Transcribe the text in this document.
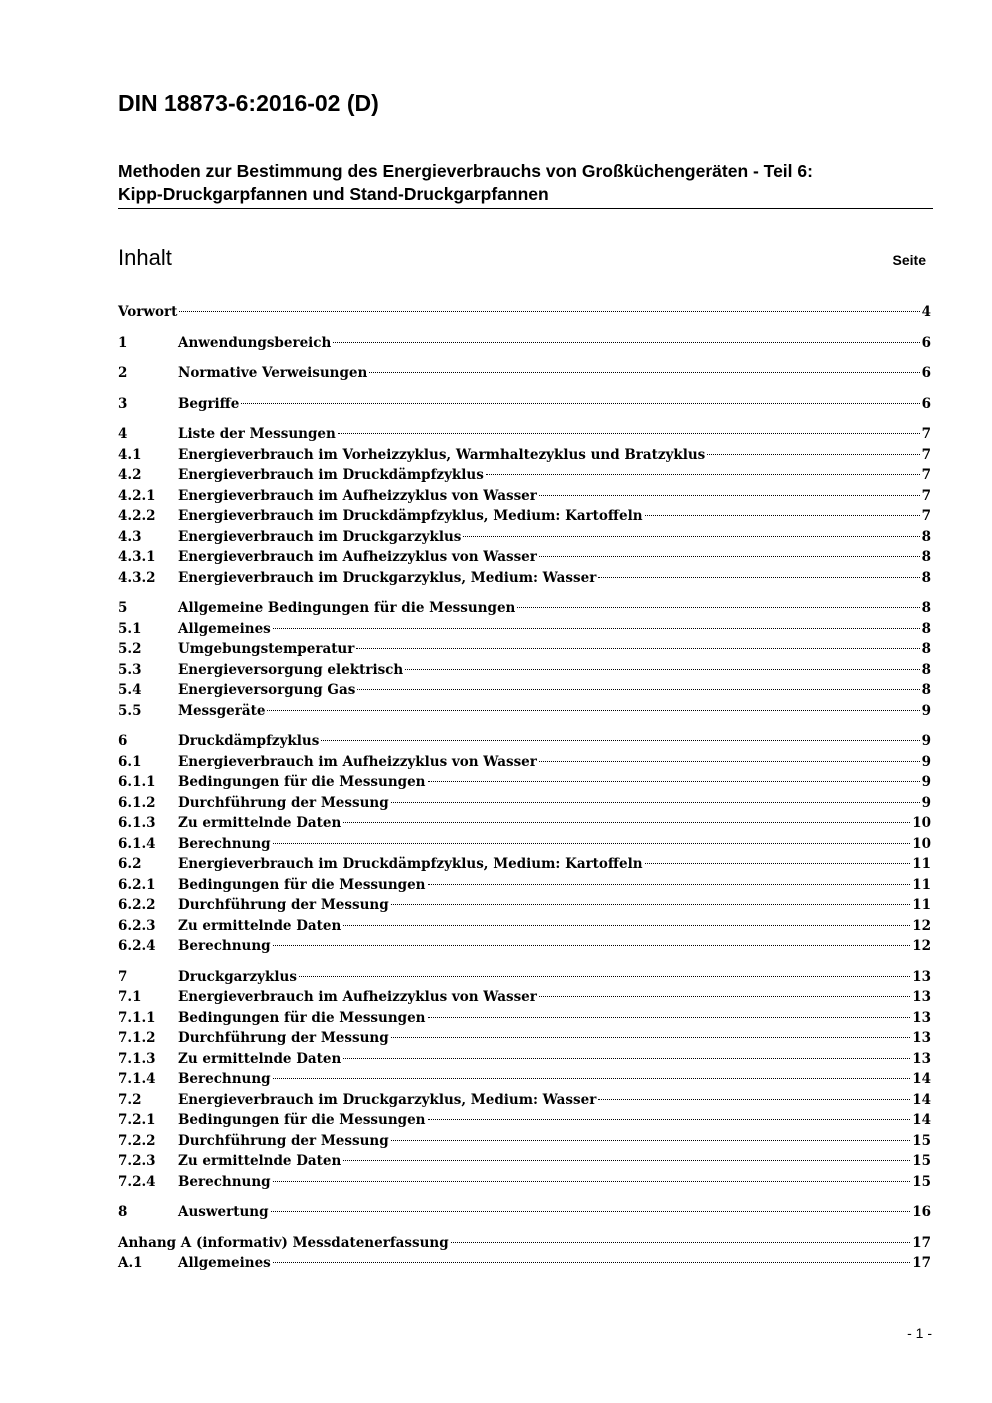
DIN 18873-6:2016-02 (D)
Methoden zur Bestimmung des Energieverbrauchs von Großküchengeräten - Teil 6:
Kipp-Druckgarpfannen und Stand-Druckgarpfannen
Inhalt	Seite
Vorwort	4
1	Anwendungsbereich	6
2	Normative Verweisungen	6
3	Begriffe	6
4	Liste der Messungen	7
4.1	Energieverbrauch im Vorheizzyklus, Warmhaltezyklus und Bratzyklus	7
4.2	Energieverbrauch im Druckdämpfzyklus	7
4.2.1	Energieverbrauch im Aufheizzyklus von Wasser	7
4.2.2	Energieverbrauch im Druckdämpfzyklus, Medium: Kartoffeln	7
4.3	Energieverbrauch im Druckgarzyklus	8
4.3.1	Energieverbrauch im Aufheizzyklus von Wasser	8
4.3.2	Energieverbrauch im Druckgarzyklus, Medium: Wasser	8
5	Allgemeine Bedingungen für die Messungen	8
5.1	Allgemeines	8
5.2	Umgebungstemperatur	8
5.3	Energieversorgung elektrisch	8
5.4	Energieversorgung Gas	8
5.5	Messgeräte	9
6	Druckdämpfzyklus	9
6.1	Energieverbrauch im Aufheizzyklus von Wasser	9
6.1.1	Bedingungen für die Messungen	9
6.1.2	Durchführung der Messung	9
6.1.3	Zu ermittelnde Daten	10
6.1.4	Berechnung	10
6.2	Energieverbrauch im Druckdämpfzyklus, Medium: Kartoffeln	11
6.2.1	Bedingungen für die Messungen	11
6.2.2	Durchführung der Messung	11
6.2.3	Zu ermittelnde Daten	12
6.2.4	Berechnung	12
7	Druckgarzyklus	13
7.1	Energieverbrauch im Aufheizzyklus von Wasser	13
7.1.1	Bedingungen für die Messungen	13
7.1.2	Durchführung der Messung	13
7.1.3	Zu ermittelnde Daten	13
7.1.4	Berechnung	14
7.2	Energieverbrauch im Druckgarzyklus, Medium: Wasser	14
7.2.1	Bedingungen für die Messungen	14
7.2.2	Durchführung der Messung	15
7.2.3	Zu ermittelnde Daten	15
7.2.4	Berechnung	15
8	Auswertung	16
Anhang A (informativ) Messdatenerfassung	17
A.1	Allgemeines	17
- 1 -
